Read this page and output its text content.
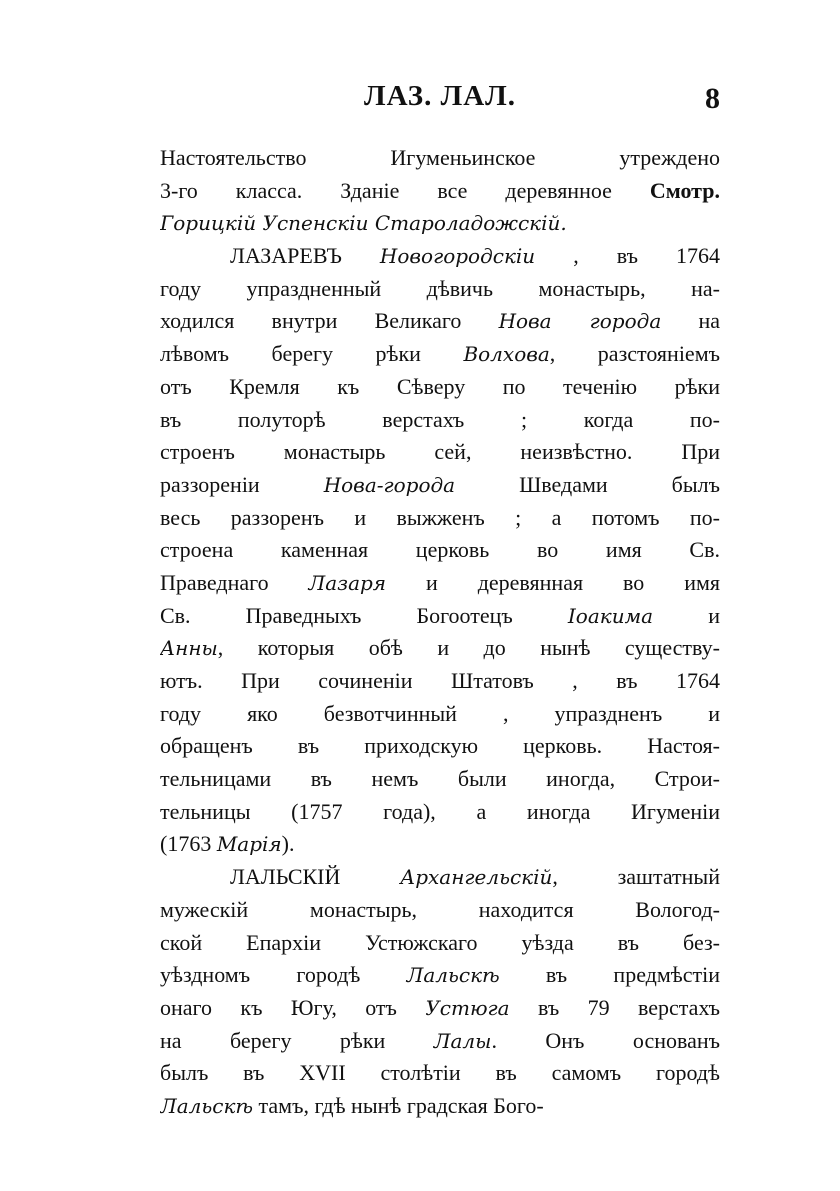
ЛАЗ. ЛАЛ.	8
Настоятельство Игуменьинское утреждено
3-го класса. Зданіе все деревянное Смотр.
Горицкій Успенскіи Староладожскій.
ЛАЗАРЕВЪ Новогородскіи , въ 1764
году упраздненный дѣвичь монастырь, на-
ходился внутри Великаго Нова города на
лѣвомъ берегу рѣки Волхова, разстояніемъ
отъ Кремля къ Сѣверу по теченію рѣки
въ полуторѣ верстахъ ; когда по-
строенъ монастырь сей, неизвѣстно. При
раззореніи Нова-города Шведами былъ
весь раззоренъ и выжженъ ; а потомъ по-
строена каменная церковь во имя Св.
Праведнаго Лазаря и деревянная во имя
Св. Праведныхъ Богоотецъ Іоакима и
Анны, которыя обѣ и до нынѣ существу-
ютъ. При сочиненіи Штатовъ , въ 1764
году яко безвотчинный , упраздненъ и
обращенъ въ приходскую церковь. Настоя-
тельницами въ немъ были иногда, Строи-
тельницы (1757 года), а иногда Игуменіи
(1763 Марія).
ЛАЛЬСКІЙ Архангельскій, заштатный
мужескій монастырь, находится Вологод-
ской Епархіи Устюжскаго уѣзда въ без-
уѣздномъ городѣ Лальскѣ въ предмѣстіи
онаго къ Югу, отъ Устюга въ 79 верстахъ
на берегу рѣки Лалы. Онъ основанъ
былъ въ XVII столѣтіи въ самомъ городѣ
Лальскѣ тамъ, гдѣ нынѣ градская Бого-
